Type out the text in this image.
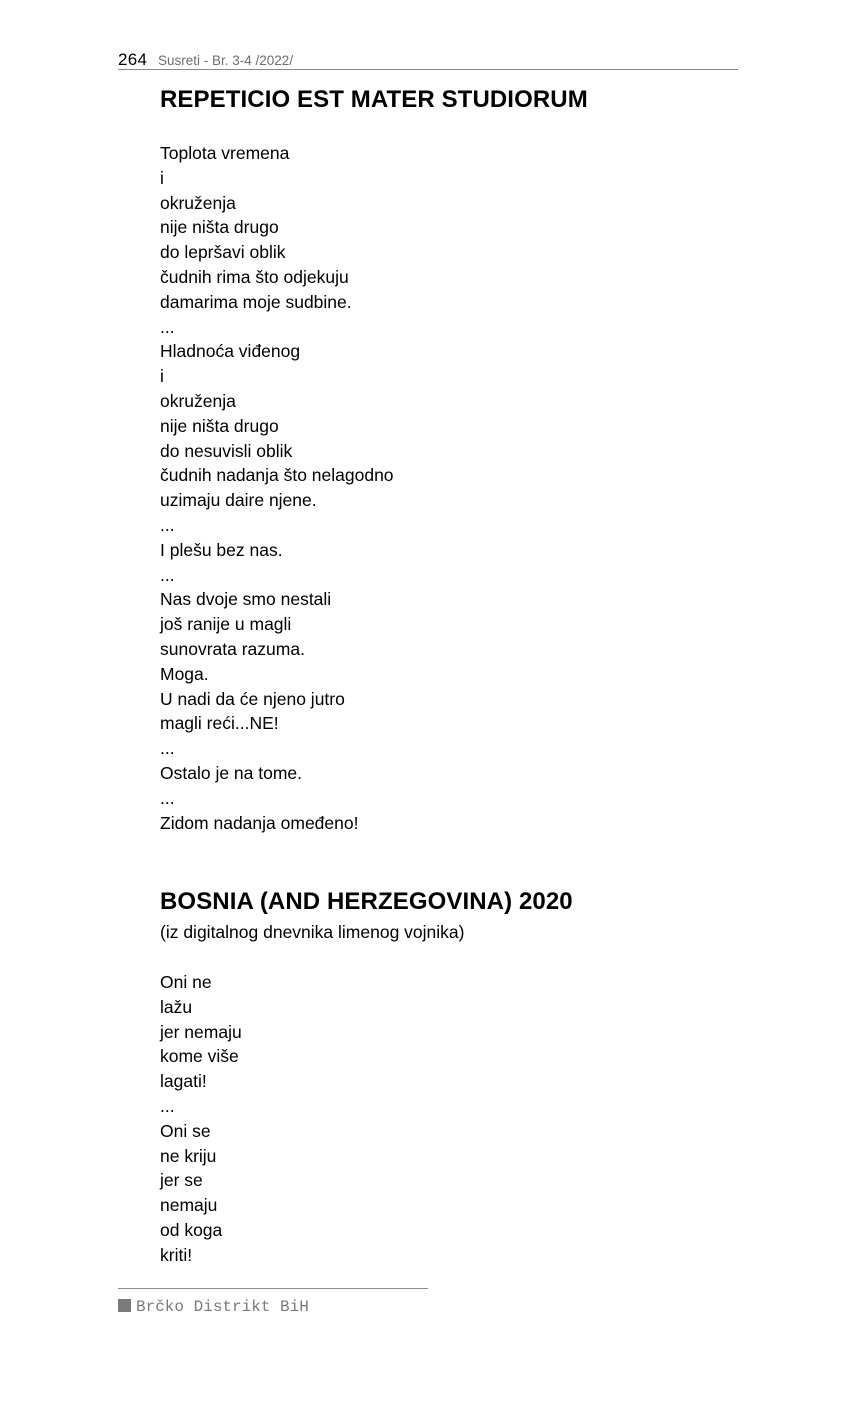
264 Susreti - Br. 3-4 /2022/
REPETICIO EST MATER STUDIORUM
Toplota vremena
i
okruženja
nije ništa drugo
do lepršavi oblik
čudnih rima što odjekuju
damarima moje sudbine.
...
Hladnoća viđenog
i
okruženja
nije ništa drugo
do nesuvisli oblik
čudnih nadanja što nelagodno
uzimaju daire njene.
...
I plešu bez nas.
...
Nas dvoje smo nestali
još ranije u magli
sunovrata razuma.
Moga.
U nadi da će njeno jutro
magli reći...NE!
...
Ostalo je na tome.
...
Zidom nadanja omeđeno!
BOSNIA (AND HERZEGOVINA) 2020
(iz digitalnog dnevnika limenog vojnika)
Oni ne
lažu
jer nemaju
kome više
lagati!
...
Oni se
ne kriju
jer se
nemaju
od koga
kriti!
Brčko Distrikt BiH
